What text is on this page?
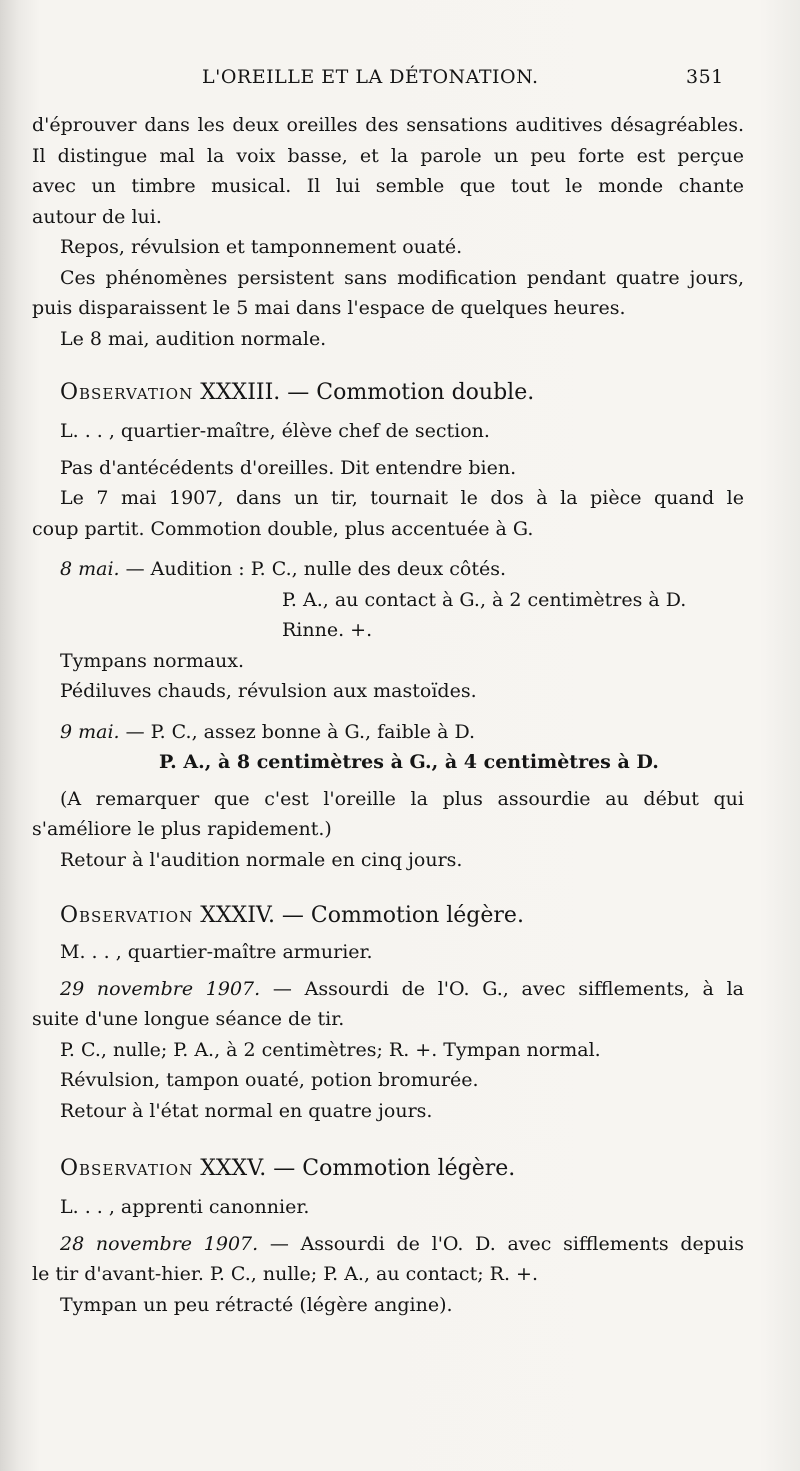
L'OREILLE ET LA DÉTONATION.	351

d'éprouver dans les deux oreilles des sensations auditives désagréables.

Il distingue mal la voix basse, et la parole un peu forte est perçue

avec un timbre musical. Il lui semble que tout le monde chante

autour de lui.

Repos, révulsion et tamponnement ouaté.

Ces phénomènes persistent sans modification pendant quatre jours,

puis disparaissent le 5 mai dans l'espace de quelques heures.

Le 8 mai, audition normale.

Observation XXXIII. — Commotion double.

L. . . , quartier-maître, élève chef de section.

Pas d'antécédents d'oreilles. Dit entendre bien.

Le 7 mai 1907, dans un tir, tournait le dos à la pièce quand le

coup partit. Commotion double, plus accentuée à G.

8 mai. — Audition : P. C., nulle des deux côtés.

P. A., au contact à G., à 2 centimètres à D.

Rinne. +.

Tympans normaux.

Pédiluves chauds, révulsion aux mastoïdes.

9 mai. — P. C., assez bonne à G., faible à D.

P. A., à 8 centimètres à G., à 4 centimètres à D.

(A remarquer que c'est l'oreille la plus assourdie au début qui

s'améliore le plus rapidement.)

Retour à l'audition normale en cinq jours.

Observation XXXIV. — Commotion légère.

M. . . , quartier-maître armurier.

29 novembre 1907. — Assourdi de l'O. G., avec sifflements, à la

suite d'une longue séance de tir.

P. C., nulle; P. A., à 2 centimètres; R. +. Tympan normal.

Révulsion, tampon ouaté, potion bromurée.

Retour à l'état normal en quatre jours.

Observation XXXV. — Commotion légère.

L. . . , apprenti canonnier.

28 novembre 1907. — Assourdi de l'O. D. avec sifflements depuis

le tir d'avant-hier. P. C., nulle; P. A., au contact; R. +.

Tympan un peu rétracté (légère angine).
